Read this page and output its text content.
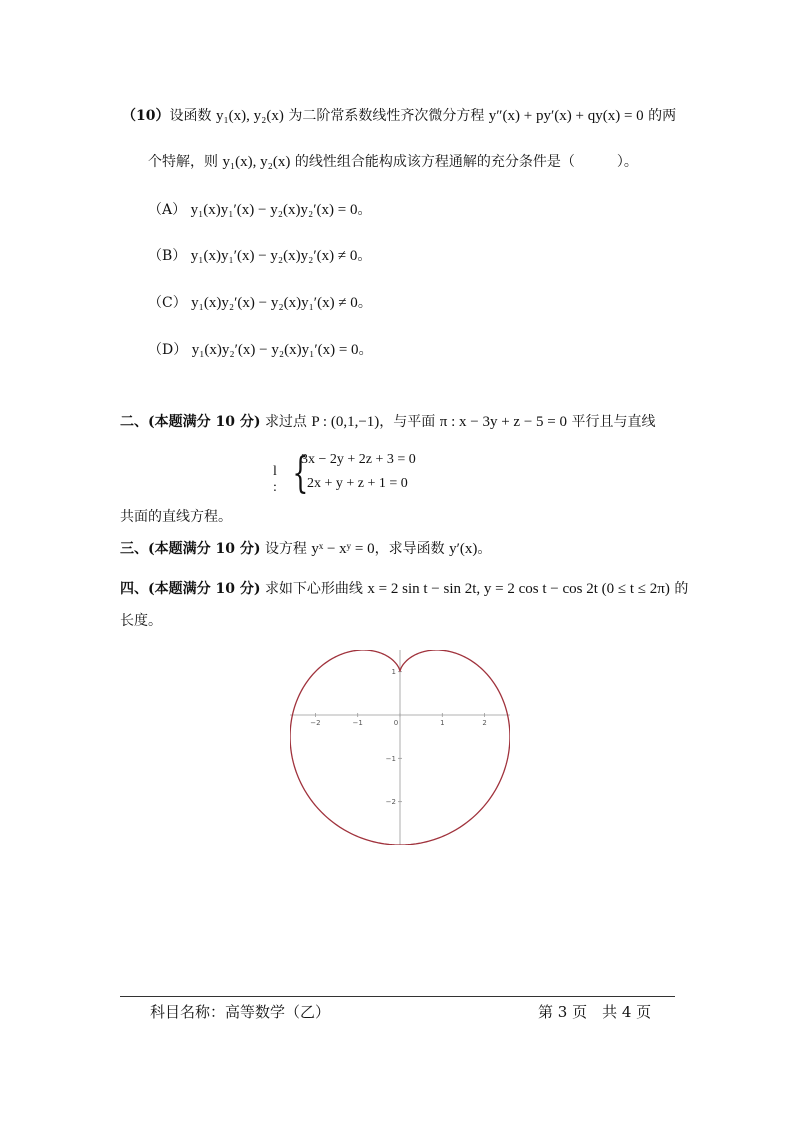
（10）设函数 y₁(x), y₂(x) 为二阶常系数线性齐次微分方程 y″(x) + py′(x) + qy(x) = 0 的两
个特解，则 y₁(x), y₂(x) 的线性组合能构成该方程通解的充分条件是（　　　）。
（A） y₁(x)y₁′(x) − y₂(x)y₂′(x) = 0。
（B） y₁(x)y₁′(x) − y₂(x)y₂′(x) ≠ 0。
（C） y₁(x)y₂′(x) − y₂(x)y₁′(x) ≠ 0。
（D） y₁(x)y₂′(x) − y₂(x)y₁′(x) = 0。
二、(本题满分 10 分) 求过点 P : (0,1,−1)，与平面 π : x − 3y + z − 5 = 0 平行且与直线
l : {
3x − 2y + 2z + 3 = 0
2x + y + z + 1 = 0
共面的直线方程。
三、(本题满分 10 分) 设方程 yˣ − xʸ = 0，求导函数 y′(x)。
四、(本题满分 10 分) 求如下心形曲线 x = 2 sin t − sin 2t, y = 2 cos t − cos 2t (0 ≤ t ≤ 2π) 的
长度。
−2	−1	0	1	2
1
−1
−2
科目名称：高等数学（乙）	第 3 页　共 4 页
